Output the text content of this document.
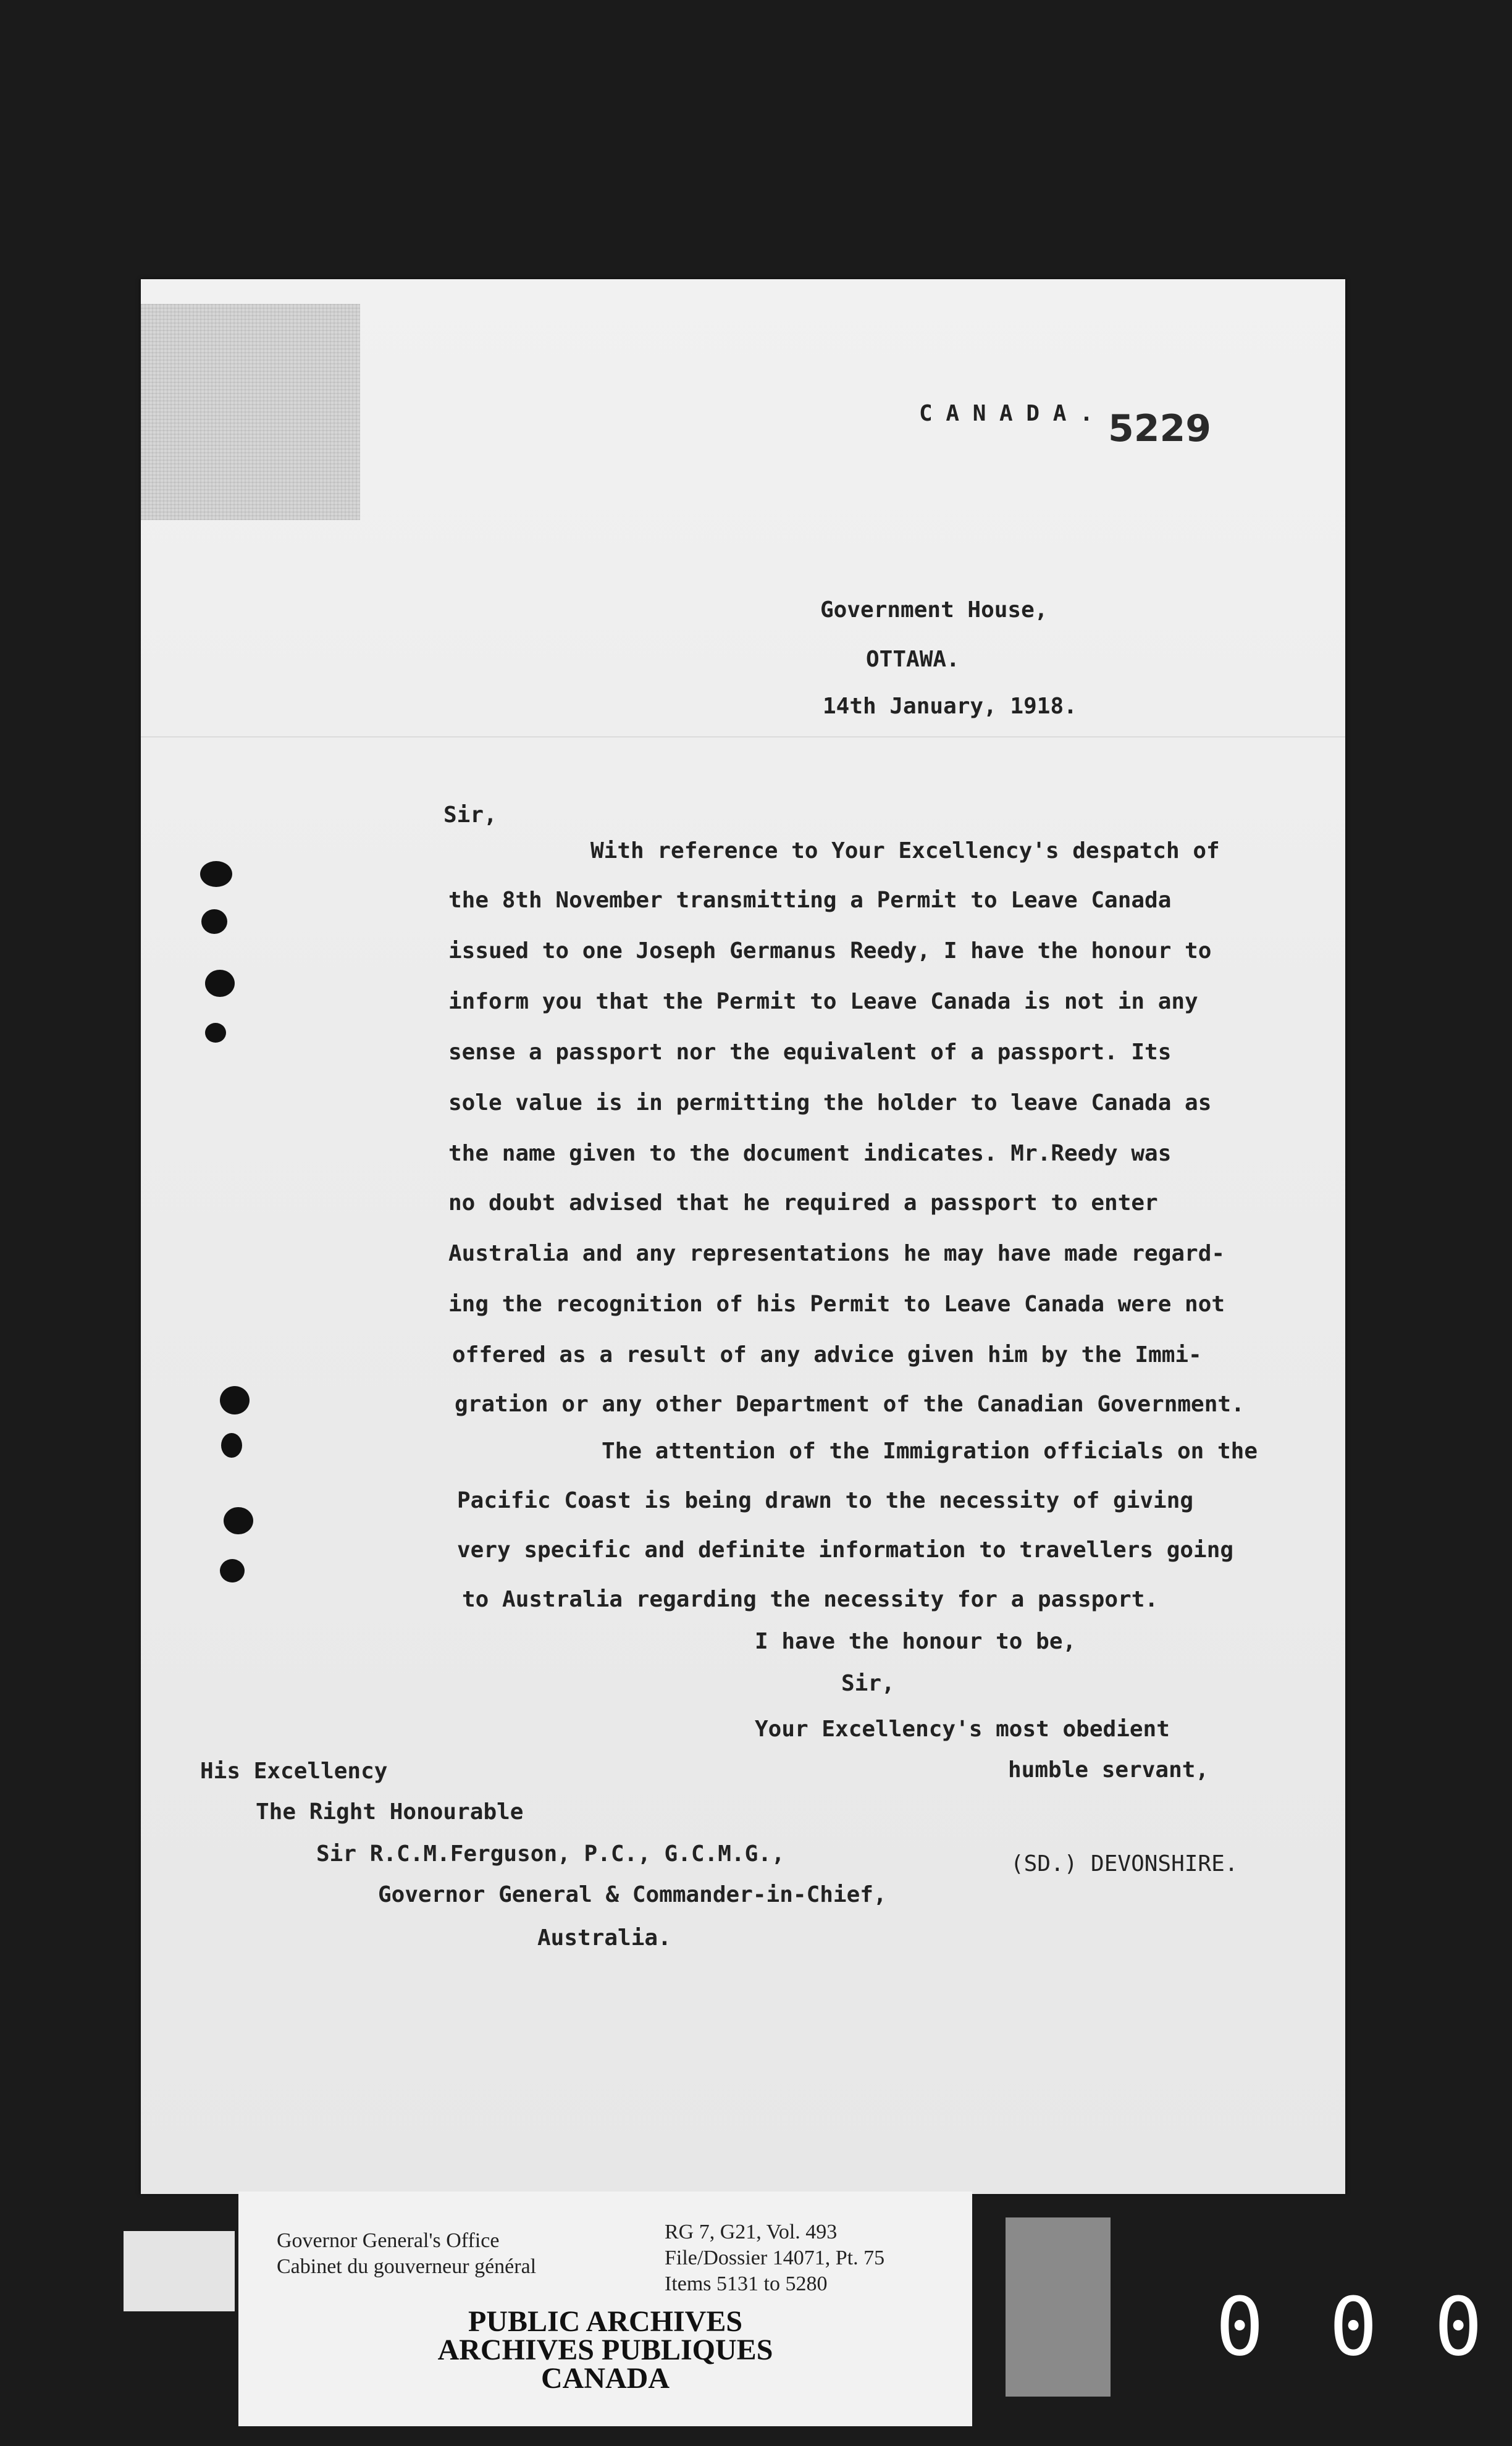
C A N A D A . 5229

Government House,

OTTAWA.

14th January, 1918.

Sir,

With reference to Your Excellency's despatch of

the 8th November transmitting a Permit to Leave Canada

issued to one Joseph Germanus Reedy, I have the honour to

inform you that the Permit to Leave Canada is not in any

sense a passport nor the equivalent of a passport. Its

sole value is in permitting the holder to leave Canada as

the name given to the document indicates. Mr.Reedy was

no doubt advised that he required a passport to enter

Australia and any representations he may have made regard-

ing the recognition of his Permit to Leave Canada were not

offered as a result of any advice given him by the Immi-

gration or any other Department of the Canadian Government.

The attention of the Immigration officials on the

Pacific Coast is being drawn to the necessity of giving

very specific and definite information to travellers going

to Australia regarding the necessity for a passport.

I have the honour to be,

Sir,

Your Excellency's most obedient

humble servant,

(SD.) DEVONSHIRE.

His Excellency

The Right Honourable

Sir R.C.M.Ferguson, P.C., G.C.M.G.,

Governor General & Commander-in-Chief,

Australia.

Governor General's Office

Cabinet du gouverneur général

RG 7, G21, Vol. 493

File/Dossier 14071, Pt. 75

Items 5131 to 5280

PUBLIC ARCHIVES

ARCHIVES PUBLIQUES

CANADA

0 0 0
